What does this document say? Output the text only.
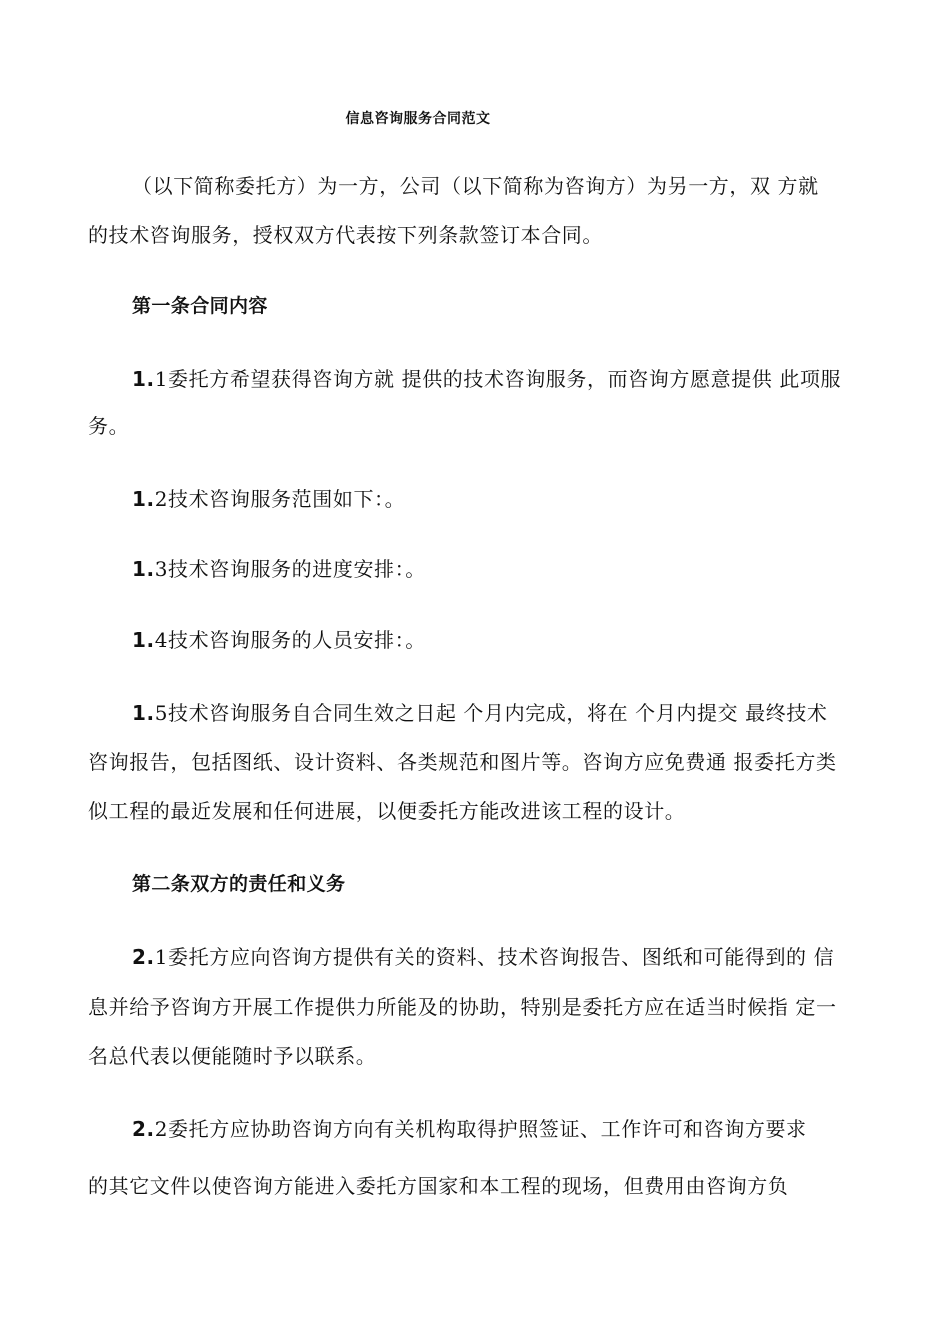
信息咨询服务合同范文
（以下简称委托方）为一方，公司（以下简称为咨询方）为另一方，双 方就
的技术咨询服务，授权双方代表按下列条款签订本合同。
第一条合同内容
1.1委托方希望获得咨询方就 提供的技术咨询服务，而咨询方愿意提供 此项服
务。
1.2技术咨询服务范围如下：。
1.3技术咨询服务的进度安排：。
1.4技术咨询服务的人员安排：。
1.5技术咨询服务自合同生效之日起 个月内完成，将在 个月内提交 最终技术
咨询报告，包括图纸、设计资料、各类规范和图片等。咨询方应免费通 报委托方类
似工程的最近发展和任何进展，以便委托方能改进该工程的设计。
第二条双方的责任和义务
2.1委托方应向咨询方提供有关的资料、技术咨询报告、图纸和可能得到的 信
息并给予咨询方开展工作提供力所能及的协助，特别是委托方应在适当时候指 定一
名总代表以便能随时予以联系。
2.2委托方应协助咨询方向有关机构取得护照签证、工作许可和咨询方要求
的其它文件以使咨询方能进入委托方国家和本工程的现场，但费用由咨询方负
